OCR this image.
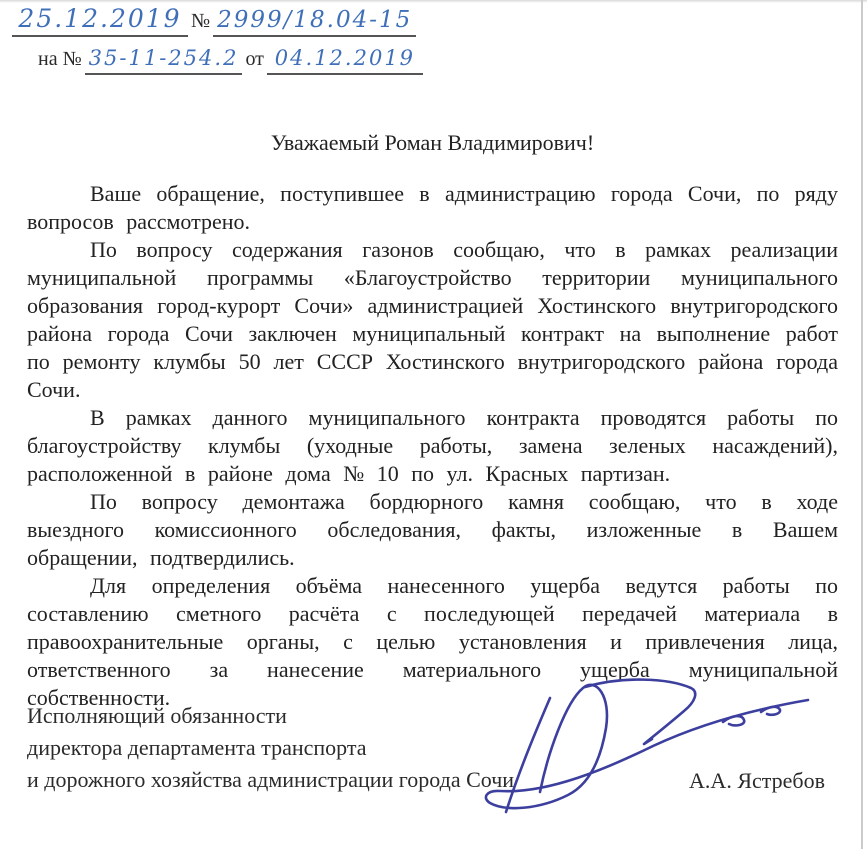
25.12.2019 № 2999/18.04-15
на № 35-11-254.2 от 04.12.2019

Уважаемый Роман Владимирович!

Ваше обращение, поступившее в администрацию города Сочи, по ряду вопросов рассмотрено.

По вопросу содержания газонов сообщаю, что в рамках реализации муниципальной программы «Благоустройство территории муниципального образования город-курорт Сочи» администрацией Хостинского внутригородского района города Сочи заключен муниципальный контракт на выполнение работ по ремонту клумбы 50 лет СССР Хостинского внутригородского района города Сочи.

В рамках данного муниципального контракта проводятся работы по благоустройству клумбы (уходные работы, замена зеленых насаждений), расположенной в районе дома № 10 по ул. Красных партизан.

По вопросу демонтажа бордюрного камня сообщаю, что в ходе выездного комиссионного обследования, факты, изложенные в Вашем обращении, подтвердились.

Для определения объёма нанесенного ущерба ведутся работы по составлению сметного расчёта с последующей передачей материала в правоохранительные органы, с целью установления и привлечения лица, ответственного за нанесение материального ущерба муниципальной собственности.

Исполняющий обязанности
директора департамента транспорта
и дорожного хозяйства администрации города Сочи	А.А. Ястребов
